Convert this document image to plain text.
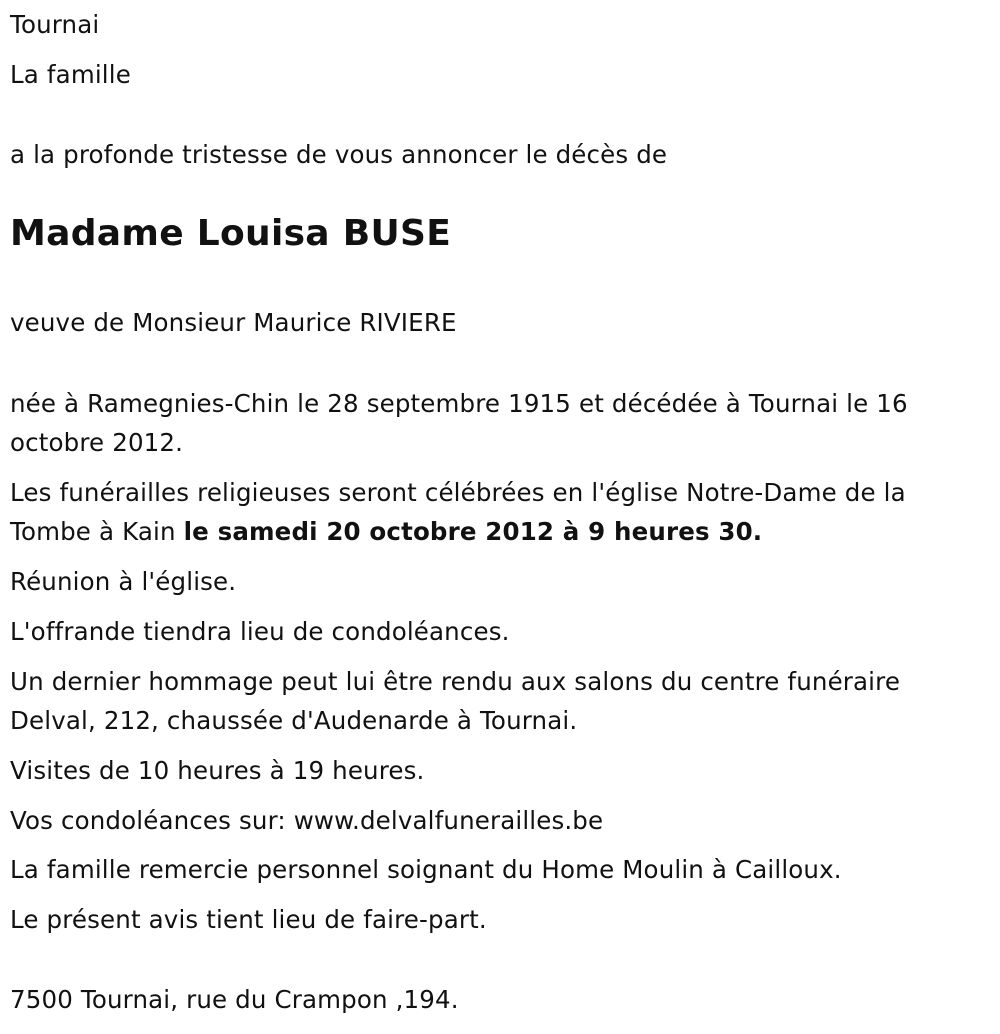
Tournai

La famille

a la profonde tristesse de vous annoncer le décès de

Madame Louisa BUSE

veuve de Monsieur Maurice RIVIERE

née à Ramegnies-Chin le 28 septembre 1915 et décédée à Tournai le 16 octobre 2012.

Les funérailles religieuses seront célébrées en l'église Notre-Dame de la Tombe à Kain le samedi 20 octobre 2012 à 9 heures 30.

Réunion à l'église.

L'offrande tiendra lieu de condoléances.

Un dernier hommage peut lui être rendu aux salons du centre funéraire Delval, 212, chaussée d'Audenarde à Tournai.

Visites de 10 heures à 19 heures.

Vos condoléances sur: www.delvalfunerailles.be

La famille remercie personnel soignant du Home Moulin à Cailloux.

Le présent avis tient lieu de faire-part.

7500 Tournai, rue du Crampon ,194.
